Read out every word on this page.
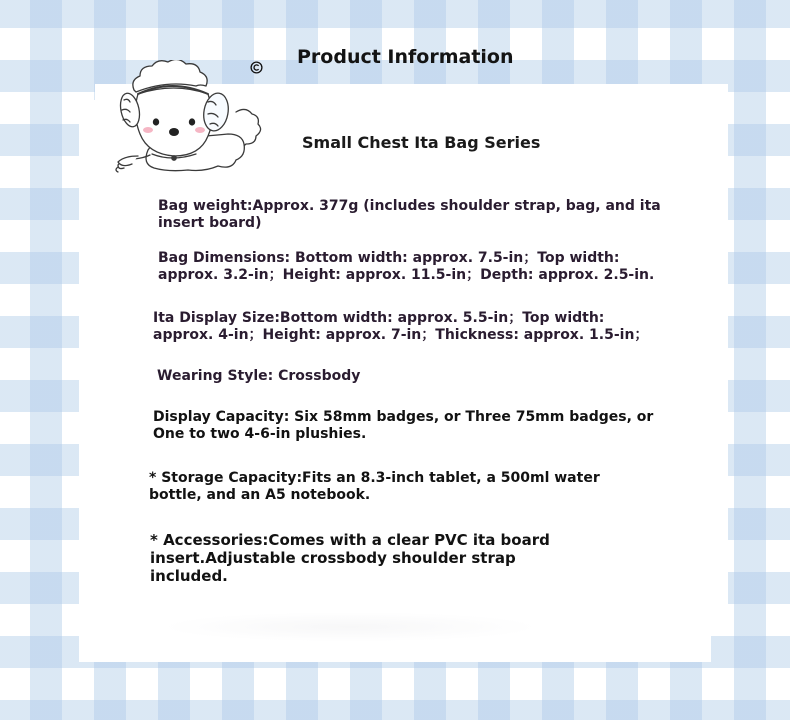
Product Information
Small Chest Ita Bag Series

Bag weight:Approx. 377g (includes shoulder strap, bag, and ita insert board)

Bag Dimensions: Bottom width: approx. 7.5-in；Top width: approx. 3.2-in；Height: approx. 11.5-in；Depth: approx. 2.5-in.

Ita Display Size:Bottom width: approx. 5.5-in；Top width: approx. 4-in；Height: approx. 7-in；Thickness: approx. 1.5-in；

Wearing Style: Crossbody

Display Capacity: Six 58mm badges, or Three 75mm badges, or One to two 4-6-in plushies.

* Storage Capacity:Fits an 8.3-inch tablet, a 500ml water bottle, and an A5 notebook.

* Accessories:Comes with a clear PVC ita board insert.Adjustable crossbody shoulder strap included.
